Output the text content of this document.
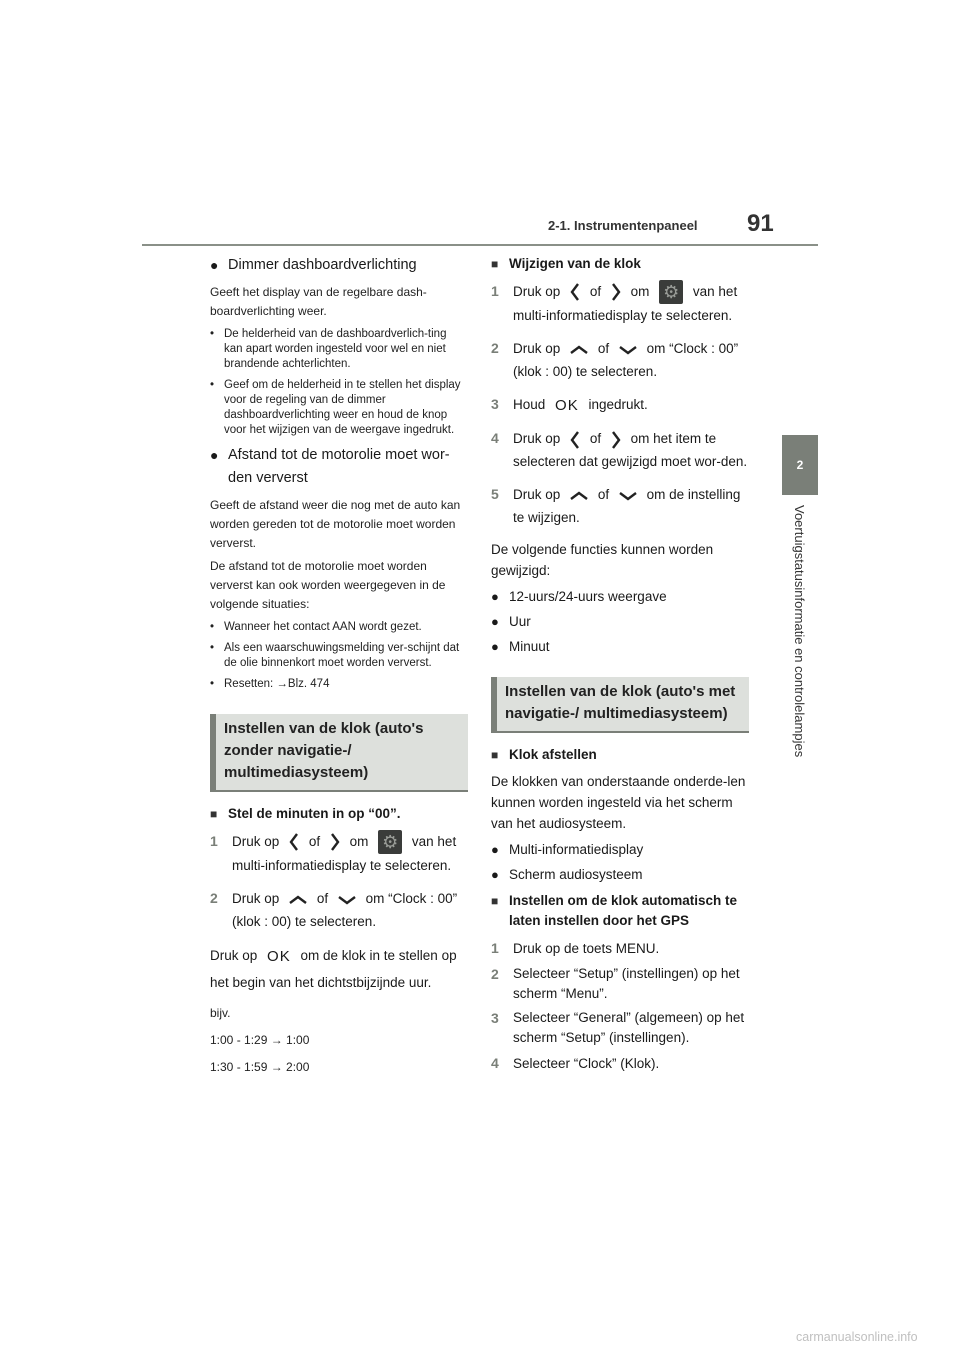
2-1. Instrumentenpaneel 91
2
Voertuigstatusinformatie en controlelampjes
● Dimmer dashboardverlichting

Geeft het display van de regelbare dash-boardverlichting weer.

• De helderheid van de dashboardverlich-ting kan apart worden ingesteld voor wel en niet brandende achterlichten.
• Geef om de helderheid in te stellen het display voor de regeling van de dimmer dashboardverlichting weer en houd de knop voor het wijzigen van de weergave ingedrukt.
● Afstand tot de motorolie moet wor-den ververst

Geeft de afstand weer die nog met de auto kan worden gereden tot de motorolie moet worden ververst.

De afstand tot de motorolie moet worden ververst kan ook worden weergegeven in de volgende situaties:

• Wanneer het contact AAN wordt gezet.
• Als een waarschuwingsmelding ver-schijnt dat de olie binnenkort moet worden ververst.
• Resetten: →Blz. 474
Instellen van de klok (auto's zonder navigatie-/ multimediasysteem)
■ Stel de minuten in op “00”.
1	Druk op of om ⚙	van het multi-informatiedisplay te selecteren.
2	Druk op	of	om “Clock : 00” (klok : 00) te selecteren.

Druk op OK om de klok in te stellen op het begin van het dichtstbijzijnde uur.

bijv.

1:00 - 1:29 → 1:00

1:30 - 1:59 → 2:00

■ Wijzigen van de klok
1	Druk op of om ⚙	van het multi-informatiedisplay te selecteren.
2	Druk op	of	om “Clock : 00” (klok : 00) te selecteren.
3	Houd OK ingedrukt.
4	Druk op of om het item te selecteren dat gewijzigd moet wor-den.
5	Druk op	of	om de instelling te wijzigen.

De volgende functies kunnen worden gewijzigd:

● 12-uurs/24-uurs weergave
● Uur
● Minuut
Instellen van de klok (auto's met navigatie-/ multimediasysteem)
■ Klok afstellen

De klokken van onderstaande onderde-len kunnen worden ingesteld via het scherm van het audiosysteem.

● Multi-informatiedisplay
● Scherm audiosysteem
■ Instellen om de klok automatisch te laten instellen door het GPS
1	Druk op de toets MENU.
2	Selecteer “Setup” (instellingen) op het scherm “Menu”.
3	Selecteer “General” (algemeen) op het scherm “Setup” (instellingen).
4	Selecteer “Clock” (Klok).
carmanualsonline.info
